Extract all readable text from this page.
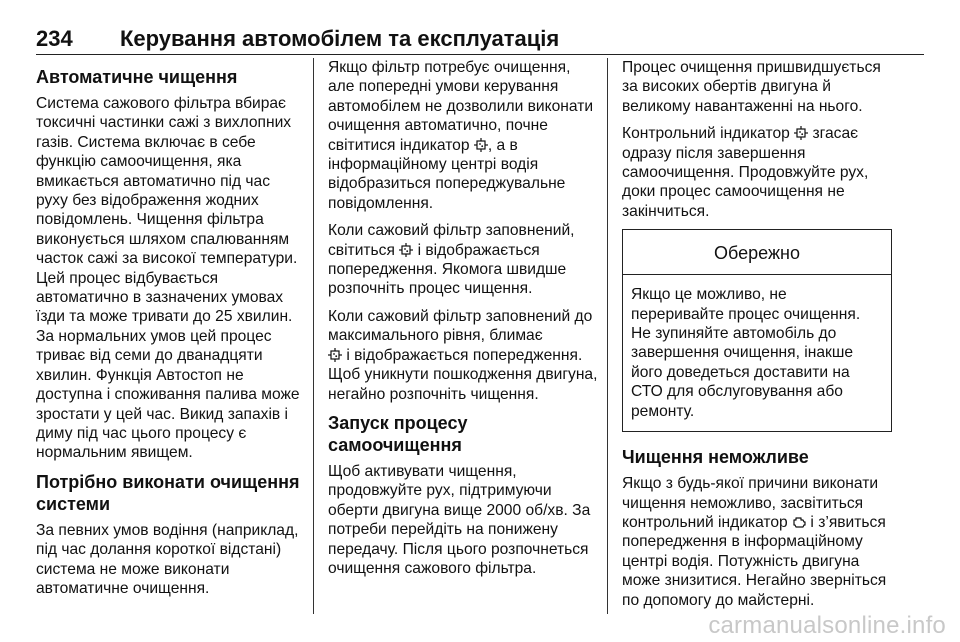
234 Керування автомобілем та експлуатація
Автоматичне чищення

Система сажового фільтра вбирає токсичні частинки сажі з вихлопних газів. Система включає в себе функцію самоочищення, яка вмикається автоматично під час руху без відображення жодних повідомлень. Чищення фільтра виконується шляхом спалюванням часток сажі за високої температури. Цей процес відбувається автоматично в зазначених умовах їзди та може тривати до 25 хвилин. За нормальних умов цей процес триває від семи до дванадцяти хвилин. Функція Автостоп не доступна і споживання палива може зростати у цей час. Викид запахів і диму під час цього процесу є нормальним явищем.

Потрібно виконати очищення системи

За певних умов водіння (наприклад, під час долання короткої відстані) система не може виконати автоматичне очищення.

Якщо фільтр потребує очищення, але попередні умови керування автомобілем не дозволили виконати очищення автоматично, почне світитися індикатор , а в інформаційному центрі водія відобразиться попереджувальне повідомлення.

Коли сажовий фільтр заповнений, світиться і відображається попередження. Якомога швидше розпочніть процес чищення.

Коли сажовий фільтр заповнений до максимального рівня, блимає
і відображається попередження. Щоб уникнути пошкодження двигуна, негайно розпочніть чищення.

Запуск процесу самоочищення

Щоб активувати чищення, продовжуйте рух, підтримуючи оберти двигуна вище 2000 об/хв. За потреби перейдіть на понижену передачу. Після цього розпочнеться очищення сажового фільтра.

Процес очищення пришвидшується за високих обертів двигуна й великому навантаженні на нього.

Контрольний індикатор згасає одразу після завершення самоочищення. Продовжуйте рух, доки процес самоочищення не закінчиться.

Обережно
Якщо це можливо, не переривайте процес очищення. Не зупиняйте автомобіль до завершення очищення, інакше його доведеться доставити на СТО для обслуговування або ремонту.
Чищення неможливе

Якщо з будь-якої причини виконати чищення неможливо, засвітиться контрольний індикатор і з’явиться попередження в інформаційному центрі водія. Потужність двигуна може знизитися. Негайно зверніться по допомогу до майстерні.

carmanualsonline.info
